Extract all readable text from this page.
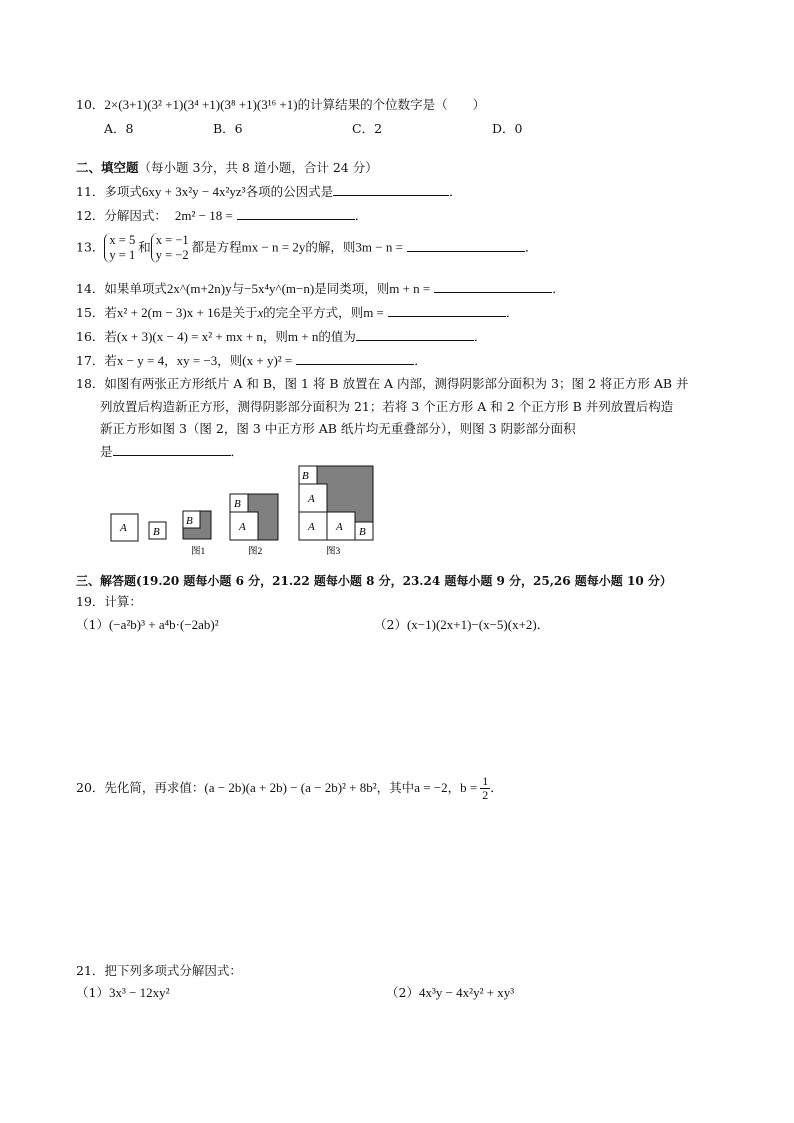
10．2×(3+1)(3² +1)(3⁴ +1)(3⁸ +1)(3¹⁶ +1)的计算结果的个位数字是（　　）
A．8	B．6	C．2	D．0
二、填空题（每小题 3分，共 8 道小题，合计 24 分）
11．多项式6xy + 3x²y − 4x²yz³各项的公因式是	．
12．分解因式： 2m² − 18 =	．
13． x = 5
y = 1和 x = −1
y = −2都是方程mx − n = 2y的解，则3m − n =	．
14．如果单项式2x^(m+2n)y与−5x⁴y^(m−n)是同类项，则m + n =	．
15．若x² + 2(m − 3)x + 16是关于x的完全平方式，则m =	．
16．若(x + 3)(x − 4) = x² + mx + n，则m + n的值为	．
17．若x − y = 4，xy = −3，则(x + y)² =	．
18．如图有两张正方形纸片 A 和 B，图 1 将 B 放置在 A 内部，测得阴影部分面积为 3；图 2 将正方形 AB 并
列放置后构造新正方形，测得阴影部分面积为 21；若将 3 个正方形 A 和 2 个正方形 B 并列放置后构造
新正方形如图 3（图 2，图 3 中正方形 AB 纸片均无重叠部分），则图 3 阴影部分面积
是	．
A B
B
图1
B
A
图2
B
A
A A B
图3
三、解答题(19.20 题每小题 6 分，21.22 题每小题 8 分，23.24 题每小题 9 分，25,26 题每小题 10 分）
19．计算：
（1）(−a²b)³ + a⁴b·(−2ab)²	（2）(x−1)(2x+1)−(x−5)(x+2)．
20．先化简，再求值：(a − 2b)(a + 2b) − (a − 2b)² + 8b²，其中a = −2，$b = \frac{1}{2}$．
21．把下列多项式分解因式：
（1）3x³ − 12xy²	（2）4x³y − 4x²y² + xy³
